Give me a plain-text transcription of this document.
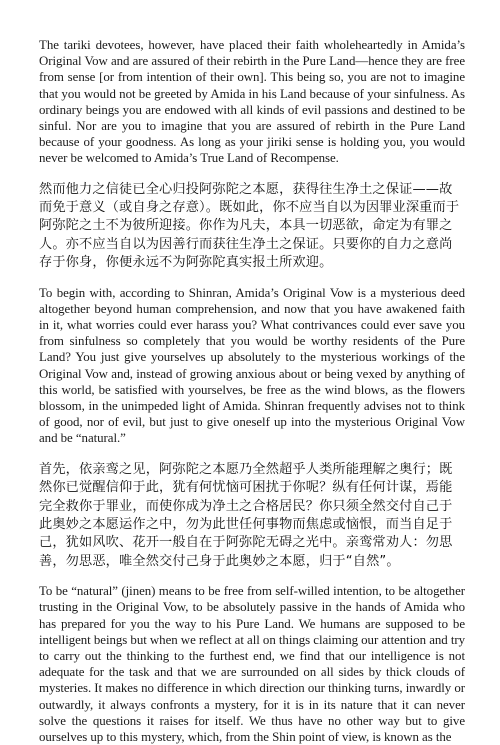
The tariki devotees, however, have placed their faith wholeheartedly in Amida’s Original Vow and are assured of their rebirth in the Pure Land—hence they are free from sense [or from intention of their own]. This being so, you are not to imagine that you would not be greeted by Amida in his Land because of your sinfulness. As ordinary beings you are endowed with all kinds of evil passions and destined to be sinful. Nor are you to imagine that you are assured of rebirth in the Pure Land because of your goodness. As long as your jiriki sense is holding you, you would never be welcomed to Amida’s True Land of Recompense.

然而他力之信徒已全心归投阿弥陀之本愿，获得往生净土之保证——故而免于意义（或自身之存意）。既如此，你不应当自以为因罪业深重而于阿弥陀之土不为彼所迎接。你作为凡夫，本具一切恶欲，命定为有罪之人。亦不应当自以为因善行而获往生净土之保证。只要你的自力之意尚存于你身，你便永远不为阿弥陀真实报土所欢迎。

To begin with, according to Shinran, Amida’s Original Vow is a mysterious deed altogether beyond human comprehension, and now that you have awakened faith in it, what worries could ever harass you? What contrivances could ever save you from sinfulness so completely that you would be worthy residents of the Pure Land? You just give yourselves up absolutely to the mysterious workings of the Original Vow and, instead of growing anxious about or being vexed by anything of this world, be satisfied with yourselves, be free as the wind blows, as the flowers blossom, in the unimpeded light of Amida. Shinran frequently advises not to think of good, nor of evil, but just to give oneself up into the mysterious Original Vow and be “natural.”

首先，依亲鸾之见，阿弥陀之本愿乃全然超乎人类所能理解之奥行；既然你已觉醒信仰于此，犹有何忧恼可困扰于你呢？纵有任何计谋，焉能完全救你于罪业，而使你成为净土之合格居民？你只须全然交付自己于此奥妙之本愿运作之中，勿为此世任何事物而焦虑或恼恨，而当自足于己，犹如风吹、花开一般自在于阿弥陀无碍之光中。亲鸾常劝人：勿思善，勿思恶，唯全然交付己身于此奥妙之本愿，归于“自然”。

To be “natural” (jinen) means to be free from self-willed intention, to be altogether trusting in the Original Vow, to be absolutely passive in the hands of Amida who has prepared for you the way to his Pure Land. We humans are supposed to be intelligent beings but when we reflect at all on things claiming our attention and try to carry out the thinking to the furthest end, we find that our intelligence is not adequate for the task and that we are surrounded on all sides by thick clouds of mysteries. It makes no difference in which direction our thinking turns, inwardly or outwardly, it always confronts a mystery, for it is in its nature that it can never solve the questions it raises for itself. We thus have no other way but to give ourselves up to this mystery, which, from the Shin point of view, is known as the
